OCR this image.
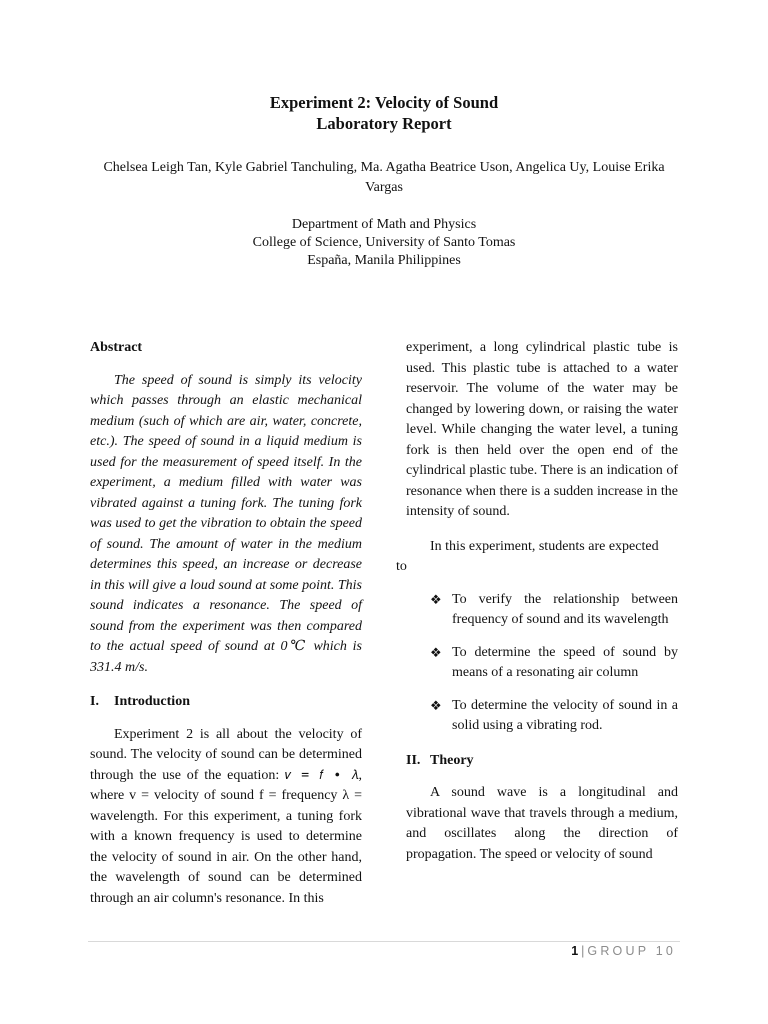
Experiment 2: Velocity of Sound

Laboratory Report

Chelsea Leigh Tan, Kyle Gabriel Tanchuling, Ma. Agatha Beatrice Uson, Angelica Uy, Louise Erika Vargas
Department of Math and Physics
College of Science, University of Santo Tomas
España, Manila Philippines

Abstract

The speed of sound is simply its velocity which passes through an elastic mechanical medium (such of which are air, water, concrete, etc.). The speed of sound in a liquid medium is used for the measurement of speed itself. In the experiment, a medium filled with water was vibrated against a tuning fork. The tuning fork was used to get the vibration to obtain the speed of sound. The amount of water in the medium determines this speed, an increase or decrease in this will give a loud sound at some point. This sound indicates a resonance. The speed of sound from the experiment was then compared to the actual speed of sound at 0℃ which is 331.4 m/s.

I. Introduction

Experiment 2 is all about the velocity of sound. The velocity of sound can be determined through the use of the equation: 𝑣 = 𝑓 ∙ 𝜆, where v = velocity of sound f = frequency λ = wavelength. For this experiment, a tuning fork with a known frequency is used to determine the velocity of sound in air. On the other hand, the wavelength of sound can be determined through an air column's resonance. In this

experiment, a long cylindrical plastic tube is used. This plastic tube is attached to a water reservoir. The volume of the water may be changed by lowering down, or raising the water level. While changing the water level, a tuning fork is then held over the open end of the cylindrical plastic tube. There is an indication of resonance when there is a sudden increase in the intensity of sound.

In this experiment, students are expected

to

❖ To verify the relationship between frequency of sound and its wavelength
❖ To determine the speed of sound by means of a resonating air column
❖ To determine the velocity of sound in a solid using a vibrating rod.

II. Theory

A sound wave is a longitudinal and vibrational wave that travels through a medium, and oscillates along the direction of propagation. The speed or velocity of sound

1 | GROUP 10
